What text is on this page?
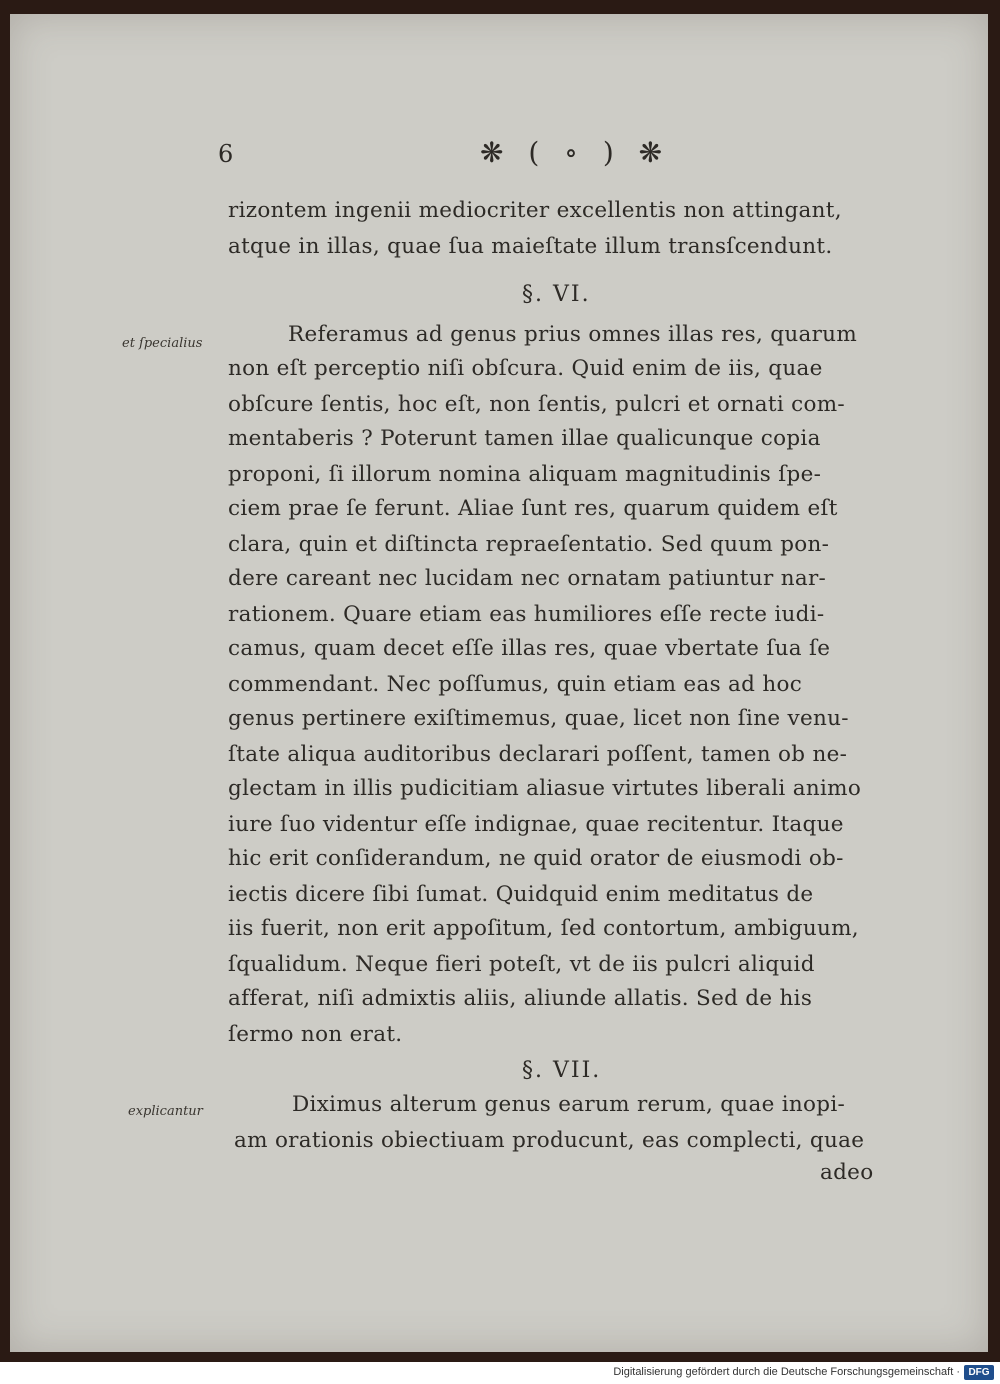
6	❋ ( ∘ ) ❋
rizontem ingenii mediocriter excellentis non attingant,
atque in illas, quae ſua maieſtate illum transſcendunt.
§. VI.
et ſpecialius	Referamus ad genus prius omnes illas res, quarum
non eſt perceptio niſi obſcura. Quid enim de iis, quae
obſcure ſentis, hoc eſt, non ſentis, pulcri et ornati com-
mentaberis ? Poterunt tamen illae qualicunque copia
proponi, ſi illorum nomina aliquam magnitudinis ſpe-
ciem prae ſe ferunt. Aliae ſunt res, quarum quidem eſt
clara, quin et diſtincta repraeſentatio. Sed quum pon-
dere careant nec lucidam nec ornatam patiuntur nar-
rationem. Quare etiam eas humiliores eſſe recte iudi-
camus, quam decet eſſe illas res, quae vbertate ſua ſe
commendant. Nec poſſumus, quin etiam eas ad hoc
genus pertinere exiſtimemus, quae, licet non ſine venu-
ſtate aliqua auditoribus declarari poſſent, tamen ob ne-
glectam in illis pudicitiam aliasue virtutes liberali animo
iure ſuo videntur eſſe indignae, quae recitentur. Itaque
hic erit conſiderandum, ne quid orator de eiusmodi ob-
iectis dicere ſibi ſumat. Quidquid enim meditatus de
iis fuerit, non erit appoſitum, ſed contortum, ambiguum,
ſqualidum. Neque fieri poteſt, vt de iis pulcri aliquid
afferat, niſi admixtis aliis, aliunde allatis. Sed de his
ſermo non erat.
§. VII.
explicantur	Diximus alterum genus earum rerum, quae inopi-
am orationis obiectiuam producunt, eas complecti, quae
adeo
Digitalisierung gefördert durch die Deutsche Forschungsgemeinschaft · DFG
